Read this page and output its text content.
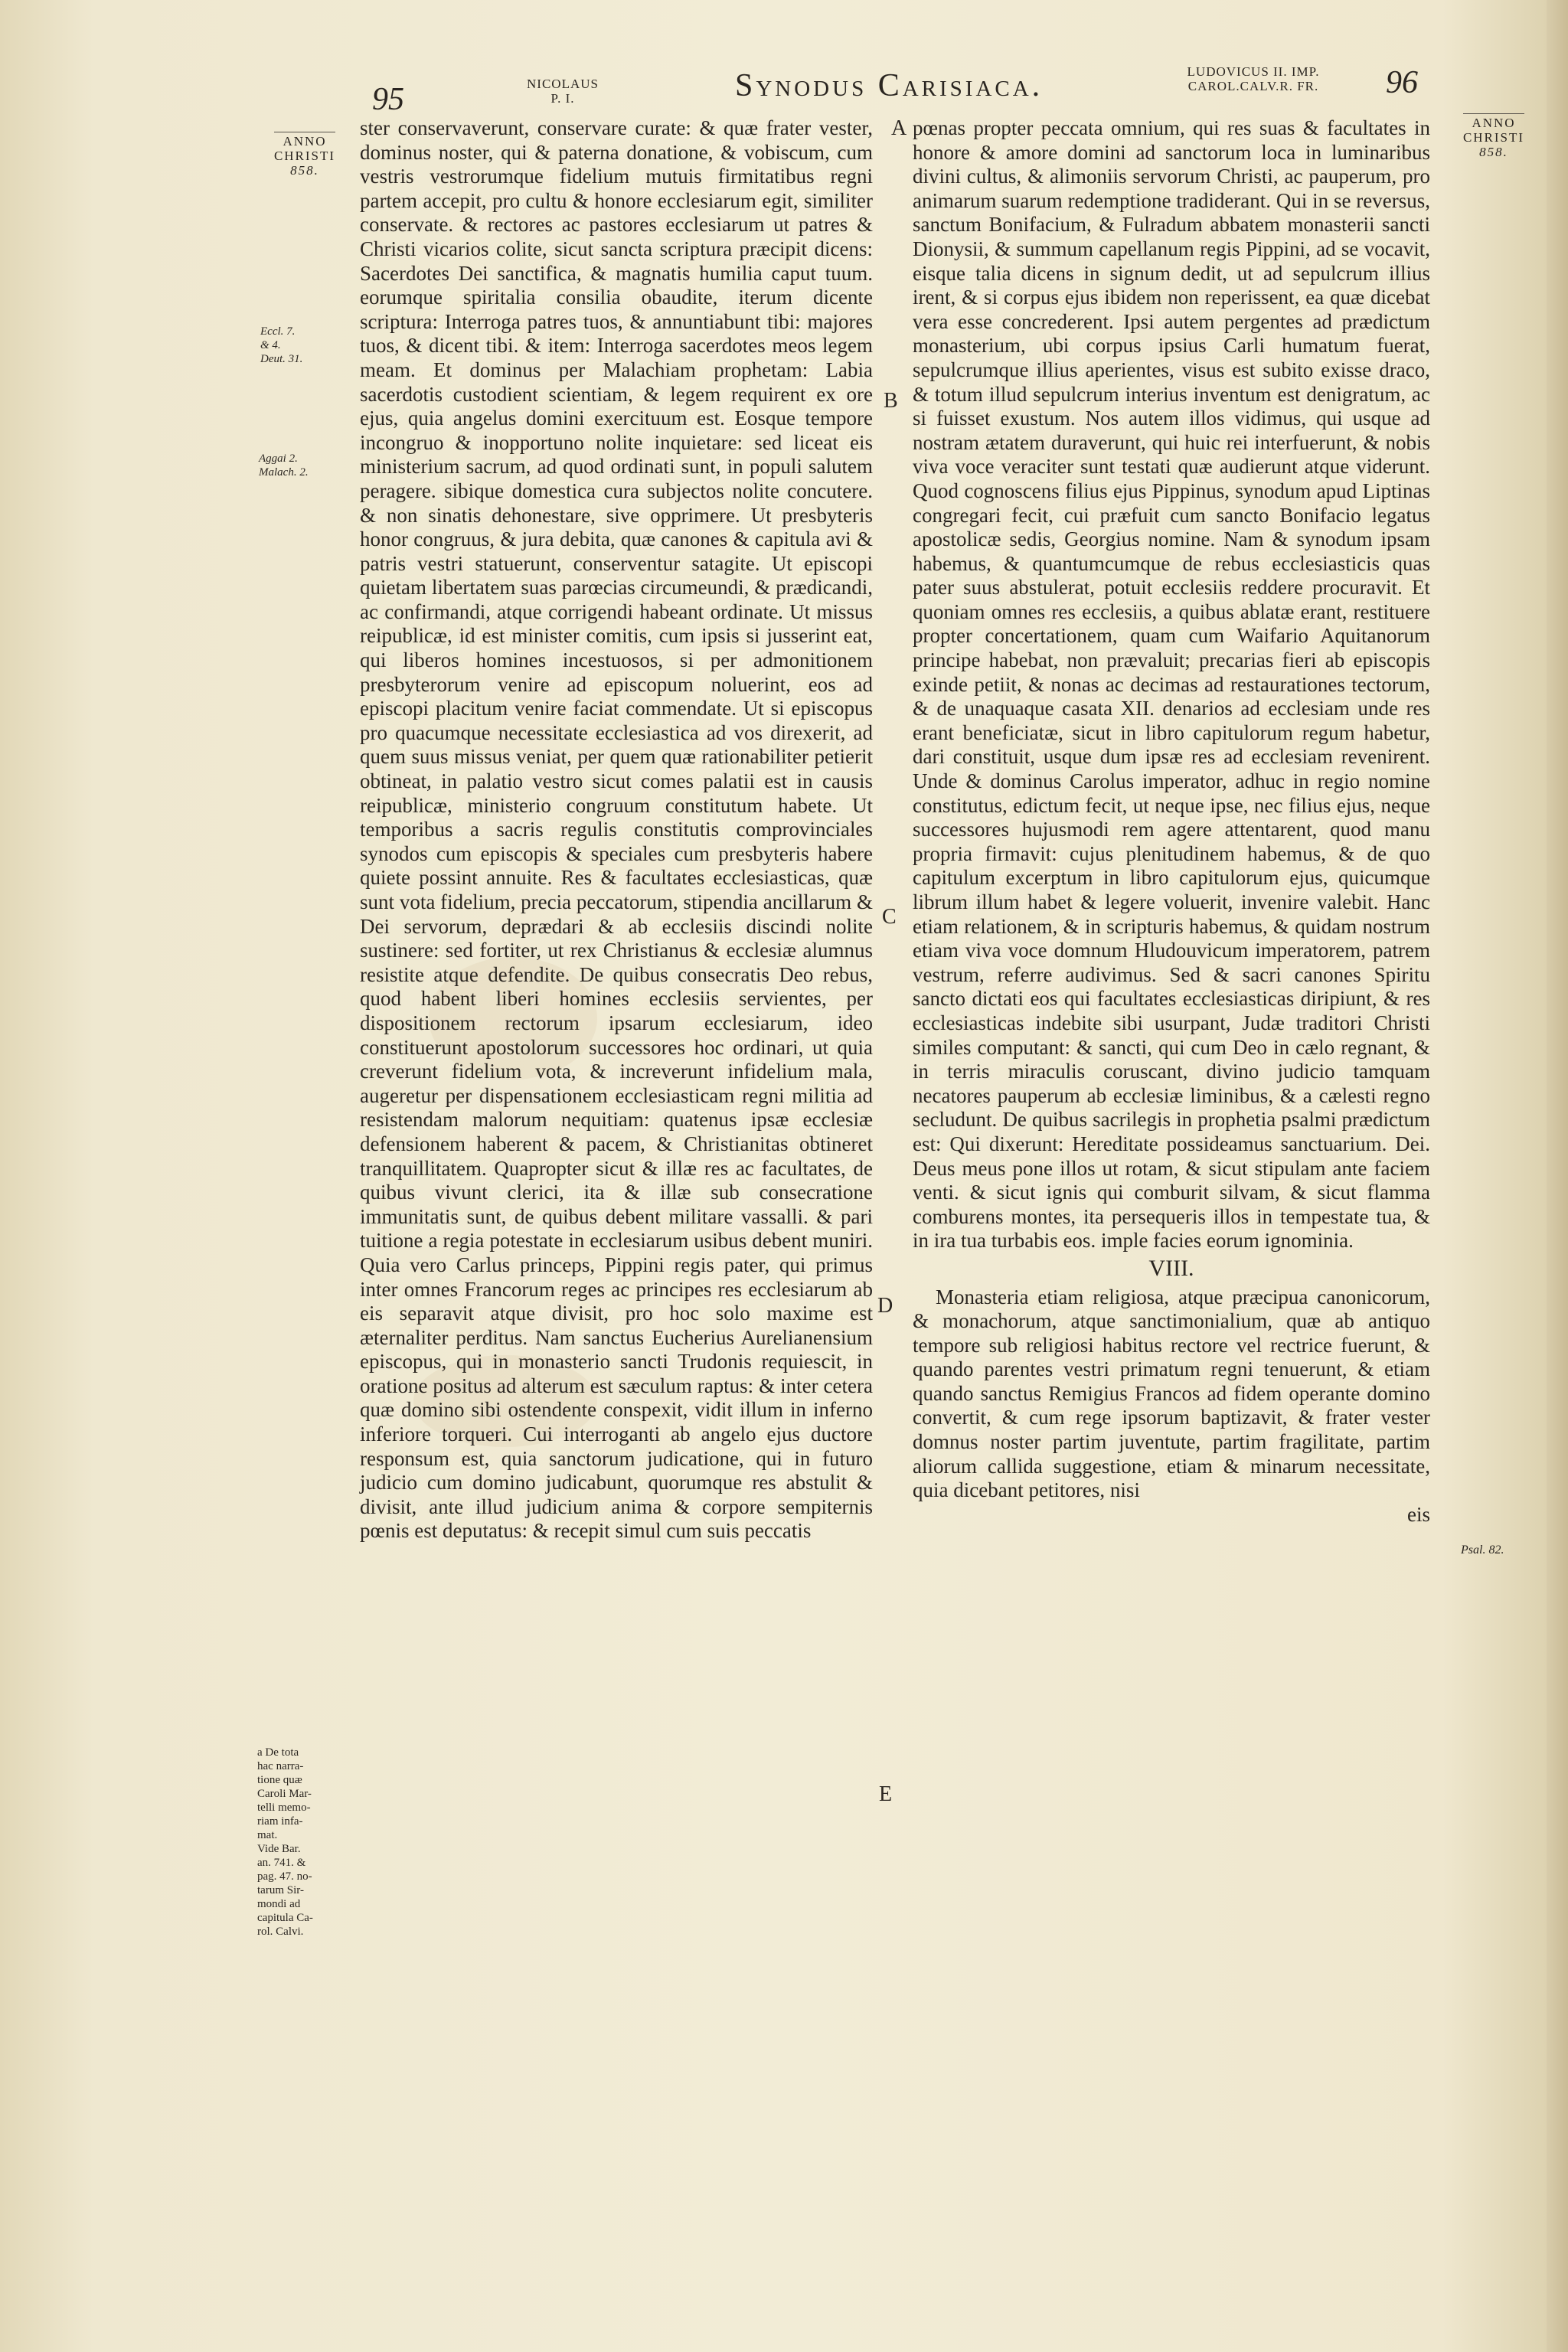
95	NICOLAUS
P. I.	Synodus Carisiaca.	LUDOVICUS II. IMP.
CAROL.CALV.R. FR.	96
ANNO
CHRISTI
858.
Eccl. 7.
& 4.
Deut. 31.
Aggai 2.
Malach. 2.
a De tota
hac narra-
tione quæ
Caroli Mar-
telli memo-
riam infa-
mat.
Vide Bar.
an. 741. &
pag. 47. no-
tarum Sir-
mondi ad
capitula Ca-
rol. Calvi.
ster conservaverunt, conservare curate: & quæ frater vester, dominus noster, qui & paterna donatione, & vobiscum, cum vestris vestrorumque fidelium mutuis firmitatibus regni partem accepit, pro cultu & honore ecclesiarum egit, similiter conservate. & rectores ac pastores ecclesiarum ut patres & Christi vicarios colite, sicut sancta scriptura præcipit dicens: Sacerdotes Dei sanctifica, & magnatis humilia caput tuum. eorumque spiritalia consilia obaudite, iterum dicente scriptura: Interroga patres tuos, & annuntiabunt tibi: majores tuos, & dicent tibi. & item: Interroga sacerdotes meos legem meam. Et dominus per Malachiam prophetam: Labia sacerdotis custodient scientiam, & legem requirent ex ore ejus, quia angelus domini exercituum est. Eosque tempore incongruo & inopportuno nolite inquietare: sed liceat eis ministerium sacrum, ad quod ordinati sunt, in populi salutem peragere. sibique domestica cura subjectos nolite concutere. & non sinatis dehonestare, sive opprimere. Ut presbyteris honor congruus, & jura debita, quæ canones & capitula avi & patris vestri statuerunt, conserventur satagite. Ut episcopi quietam libertatem suas parœcias circumeundi, & prædicandi, ac confirmandi, atque corrigendi habeant ordinate. Ut missus reipublicæ, id est minister comitis, cum ipsis si jusserint eat, qui liberos homines incestuosos, si per admonitionem presbyterorum venire ad episcopum noluerint, eos ad episcopi placitum venire faciat commendate. Ut si episcopus pro quacumque necessitate ecclesiastica ad vos direxerit, ad quem suus missus veniat, per quem quæ rationabiliter petierit obtineat, in palatio vestro sicut comes palatii est in causis reipublicæ, ministerio congruum constitutum habete. Ut temporibus a sacris regulis constitutis comprovinciales synodos cum episcopis & speciales cum presbyteris habere quiete possint annuite. Res & facultates ecclesiasticas, quæ sunt vota fidelium, precia peccatorum, stipendia ancillarum & Dei servorum, deprædari & ab ecclesiis discindi nolite sustinere: sed fortiter, ut rex Christianus & ecclesiæ alumnus resistite atque defendite. De quibus consecratis Deo rebus, quod habent liberi homines ecclesiis servientes, per dispositionem rectorum ipsarum ecclesiarum, ideo constituerunt apostolorum successores hoc ordinari, ut quia creverunt fidelium vota, & increverunt infidelium mala, augeretur per dispensationem ecclesiasticam regni militia ad resistendam malorum nequitiam: quatenus ipsæ ecclesiæ defensionem haberent & pacem, & Christianitas obtineret tranquillitatem. Quapropter sicut & illæ res ac facultates, de quibus vivunt clerici, ita & illæ sub consecratione immunitatis sunt, de quibus debent militare vassalli. & pari tuitione a regia potestate in ecclesiarum usibus debent muniri. Quia vero Carlus princeps, Pippini regis pater, qui primus inter omnes Francorum reges ac principes res ecclesiarum ab eis separavit atque divisit, pro hoc solo maxime est æternaliter perditus. Nam sanctus Eucherius Aurelianensium episcopus, qui in monasterio sancti Trudonis requiescit, in oratione positus ad alterum est sæculum raptus: & inter cetera quæ domino sibi ostendente conspexit, vidit illum in inferno inferiore torqueri. Cui interroganti ab angelo ejus ductore responsum est, quia sanctorum judicatione, qui in futuro judicio cum domino judicabunt, quorumque res abstulit & divisit, ante illud judicium anima & corpore sempiternis pœnis est deputatus: & recepit simul cum suis peccatis
A
B
C
D
E
pœnas propter peccata omnium, qui res suas & facultates in honore & amore domini ad sanctorum loca in luminaribus divini cultus, & alimoniis servorum Christi, ac pauperum, pro animarum suarum redemptione tradiderant. Qui in se reversus, sanctum Bonifacium, & Fulradum abbatem monasterii sancti Dionysii, & summum capellanum regis Pippini, ad se vocavit, eisque talia dicens in signum dedit, ut ad sepulcrum illius irent, & si corpus ejus ibidem non reperissent, ea quæ dicebat vera esse concrederent. Ipsi autem pergentes ad prædictum monasterium, ubi corpus ipsius Carli humatum fuerat, sepulcrumque illius aperientes, visus est subito exisse draco, & totum illud sepulcrum interius inventum est denigratum, ac si fuisset exustum. Nos autem illos vidimus, qui usque ad nostram ætatem duraverunt, qui huic rei interfuerunt, & nobis viva voce veraciter sunt testati quæ audierunt atque viderunt. Quod cognoscens filius ejus Pippinus, synodum apud Liptinas congregari fecit, cui præfuit cum sancto Bonifacio legatus apostolicæ sedis, Georgius nomine. Nam & synodum ipsam habemus, & quantumcumque de rebus ecclesiasticis quas pater suus abstulerat, potuit ecclesiis reddere procuravit. Et quoniam omnes res ecclesiis, a quibus ablatæ erant, restituere propter concertationem, quam cum Waifario Aquitanorum principe habebat, non prævaluit; precarias fieri ab episcopis exinde petiit, & nonas ac decimas ad restaurationes tectorum, & de unaquaque casata XII. denarios ad ecclesiam unde res erant beneficiatæ, sicut in libro capitulorum regum habetur, dari constituit, usque dum ipsæ res ad ecclesiam revenirent. Unde & dominus Carolus imperator, adhuc in regio nomine constitutus, edictum fecit, ut neque ipse, nec filius ejus, neque successores hujusmodi rem agere attentarent, quod manu propria firmavit: cujus plenitudinem habemus, & de quo capitulum excerptum in libro capitulorum ejus, quicumque librum illum habet & legere voluerit, invenire valebit. Hanc etiam relationem, & in scripturis habemus, & quidam nostrum etiam viva voce domnum Hludouvicum imperatorem, patrem vestrum, referre audivimus. Sed & sacri canones Spiritu sancto dictati eos qui facultates ecclesiasticas diripiunt, & res ecclesiasticas indebite sibi usurpant, Judæ traditori Christi similes computant: & sancti, qui cum Deo in cælo regnant, & in terris miraculis coruscant, divino judicio tamquam necatores pauperum ab ecclesiæ liminibus, & a cælesti regno secludunt. De quibus sacrilegis in prophetia psalmi prædictum est: Qui dixerunt: Hereditate possideamus sanctuarium. Dei. Deus meus pone illos ut rotam, & sicut stipulam ante faciem venti. & sicut ignis qui comburit silvam, & sicut flamma comburens montes, ita persequeris illos in tempestate tua, & in ira tua turbabis eos. imple facies eorum ignominia.
VIII.
Monasteria etiam religiosa, atque præcipua canonicorum, & monachorum, atque sanctimonialium, quæ ab antiquo tempore sub religiosi habitus rectore vel rectrice fuerunt, & quando parentes vestri primatum regni tenuerunt, & etiam quando sanctus Remigius Francos ad fidem operante domino convertit, & cum rege ipsorum baptizavit, & frater vester domnus noster partim juventute, partim fragilitate, partim aliorum callida suggestione, etiam & minarum necessitate, quia dicebant petitores, nisi
eis
ANNO
CHRISTI
858.
Psal. 82.
